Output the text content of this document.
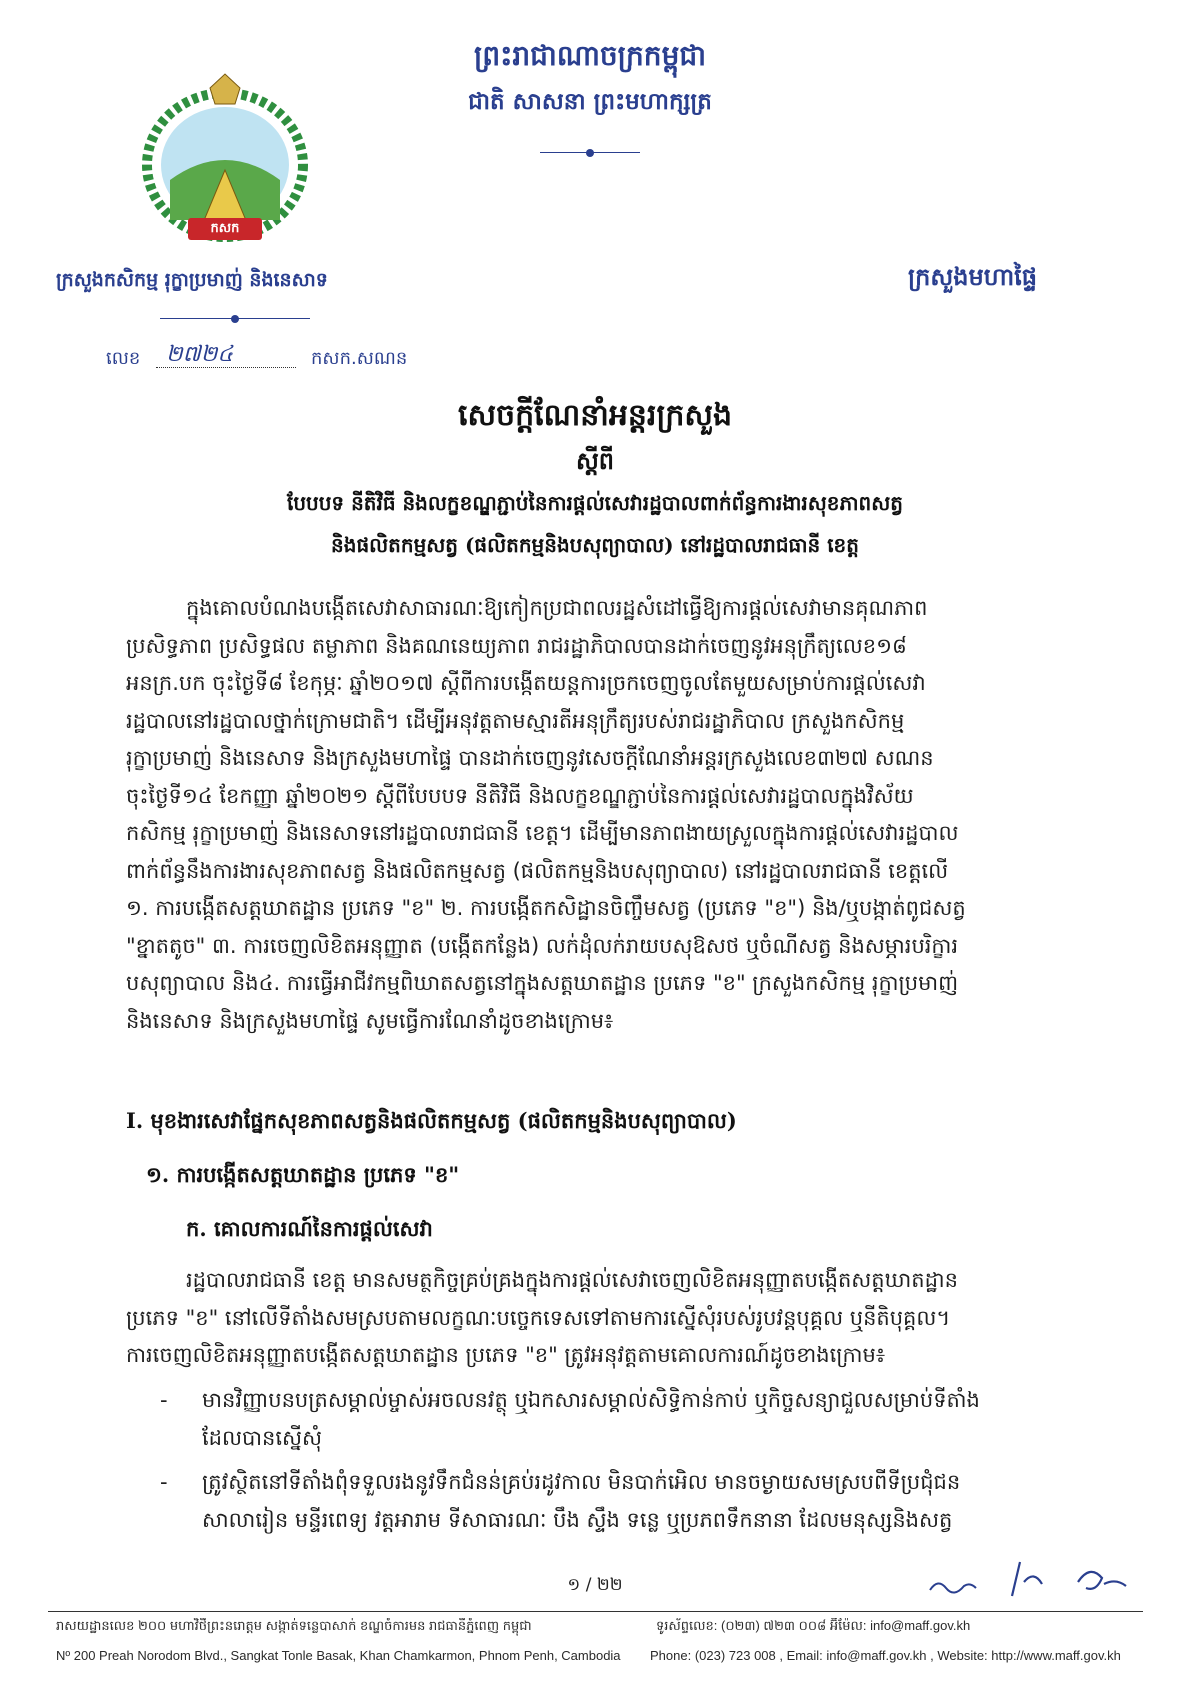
ព្រះរាជាណាចក្រកម្ពុជា
ជាតិ សាសនា ព្រះមហាក្សត្រ
កសក
ក្រសួងកសិកម្ម រុក្ខាប្រមាញ់ និងនេសាទ	ក្រសួងមហាផ្ទៃ
លេខ ២៧២៤	កសក.សណន
សេចក្តីណែនាំអន្តរក្រសួង
ស្តីពី
បែបបទ នីតិវិធី និងលក្ខខណ្ឌភ្ជាប់នៃការផ្តល់សេវារដ្ឋបាលពាក់ព័ន្ធការងារសុខភាពសត្វ
និងផលិតកម្មសត្វ (ផលិតកម្មនិងបសុព្យាបាល) នៅរដ្ឋបាលរាជធានី ខេត្ត
ក្នុងគោលបំណងបង្កើតសេវាសាធារណៈឱ្យកៀកប្រជាពលរដ្ឋសំដៅធ្វើឱ្យការផ្តល់សេវាមានគុណភាព
ប្រសិទ្ធភាព ប្រសិទ្ធផល តម្លាភាព និងគណនេយ្យភាព រាជរដ្ឋាភិបាលបានដាក់ចេញនូវអនុក្រឹត្យលេខ១៨
អនក្រ.បក ចុះថ្ងៃទី៨ ខែកុម្ភៈ ឆ្នាំ២០១៧ ស្តីពីការបង្កើតយន្តការច្រកចេញចូលតែមួយសម្រាប់ការផ្តល់សេវា
រដ្ឋបាលនៅរដ្ឋបាលថ្នាក់ក្រោមជាតិ។ ដើម្បីអនុវត្តតាមស្មារតីអនុក្រឹត្យរបស់រាជរដ្ឋាភិបាល ក្រសួងកសិកម្ម
រុក្ខាប្រមាញ់ និងនេសាទ និងក្រសួងមហាផ្ទៃ បានដាក់ចេញនូវសេចក្តីណែនាំអន្តរក្រសួងលេខ៣២៧ សណន
ចុះថ្ងៃទី១៤ ខែកញ្ញា ឆ្នាំ២០២១ ស្តីពីបែបបទ នីតិវិធី និងលក្ខខណ្ឌភ្ជាប់នៃការផ្តល់សេវារដ្ឋបាលក្នុងវិស័យ
កសិកម្ម រុក្ខាប្រមាញ់ និងនេសាទនៅរដ្ឋបាលរាជធានី ខេត្ត។ ដើម្បីមានភាពងាយស្រួលក្នុងការផ្តល់សេវារដ្ឋបាល
ពាក់ព័ន្ធនឹងការងារសុខភាពសត្វ និងផលិតកម្មសត្វ (ផលិតកម្មនិងបសុព្យាបាល) នៅរដ្ឋបាលរាជធានី ខេត្តលើ
១. ការបង្កើតសត្តឃាតដ្ឋាន ប្រភេទ "ខ" ២. ការបង្កើតកសិដ្ឋានចិញ្ចឹមសត្វ (ប្រភេទ "ខ") និង/ឬបង្កាត់ពូជសត្វ
"ខ្នាតតូច" ៣. ការចេញលិខិតអនុញ្ញាត (បង្កើតកន្លែង) លក់ដុំលក់រាយបសុឱសថ ឬចំណីសត្វ និងសម្ភារបរិក្ខារ
បសុព្យាបាល និង៤. ការធ្វើអាជីវកម្មពិឃាតសត្វនៅក្នុងសត្តឃាតដ្ឋាន ប្រភេទ "ខ" ក្រសួងកសិកម្ម រុក្ខាប្រមាញ់
និងនេសាទ និងក្រសួងមហាផ្ទៃ សូមធ្វើការណែនាំដូចខាងក្រោម៖
I. មុខងារសេវាផ្នែកសុខភាពសត្វនិងផលិតកម្មសត្វ (ផលិតកម្មនិងបសុព្យាបាល)
១. ការបង្កើតសត្តឃាតដ្ឋាន ប្រភេទ "ខ"
ក. គោលការណ៍នៃការផ្តល់សេវា
រដ្ឋបាលរាជធានី ខេត្ត មានសមត្ថកិច្ចគ្រប់គ្រងក្នុងការផ្តល់សេវាចេញលិខិតអនុញ្ញាតបង្កើតសត្តឃាតដ្ឋាន
ប្រភេទ "ខ" នៅលើទីតាំងសមស្របតាមលក្ខណៈបច្ចេកទេសទៅតាមការស្នើសុំរបស់រូបវន្តបុគ្គល ឬនីតិបុគ្គល។
ការចេញលិខិតអនុញ្ញាតបង្កើតសត្តឃាតដ្ឋាន ប្រភេទ "ខ" ត្រូវអនុវត្តតាមគោលការណ៍ដូចខាងក្រោម៖
-	មានវិញ្ញាបនបត្រសម្គាល់ម្ចាស់អចលនវត្ថុ ឬឯកសារសម្គាល់សិទ្ធិកាន់កាប់ ឬកិច្ចសន្យាជួលសម្រាប់ទីតាំង
ដែលបានស្នើសុំ
-	ត្រូវស្ថិតនៅទីតាំងពុំទទួលរងនូវទឹកជំនន់គ្រប់រដូវកាល មិនបាក់អេិល មានចម្ងាយសមស្របពីទីប្រជុំជន
សាលារៀន មន្ទីរពេទ្យ វត្តអារាម ទីសាធារណៈ បឹង ស្ទឹង ទន្លេ ឬប្រភពទឹកនានា ដែលមនុស្សនិងសត្វ
១ / ២២
រាសយដ្ឋានលេខ ២០០ មហាវិថីព្រះនរោត្តម សង្កាត់ទន្លេបាសាក់ ខណ្ឌចំការមន រាជធានីភ្នំពេញ កម្ពុជា	ទូរស័ព្ទលេខ: (០២៣) ៧២៣ ០០៨ អ៊ីម៉ែល: info@maff.gov.kh
Nº 200 Preah Norodom Blvd., Sangkat Tonle Basak, Khan Chamkarmon, Phnom Penh, Cambodia	Phone: (023) 723 008 , Email: info@maff.gov.kh , Website: http://www.maff.gov.kh
